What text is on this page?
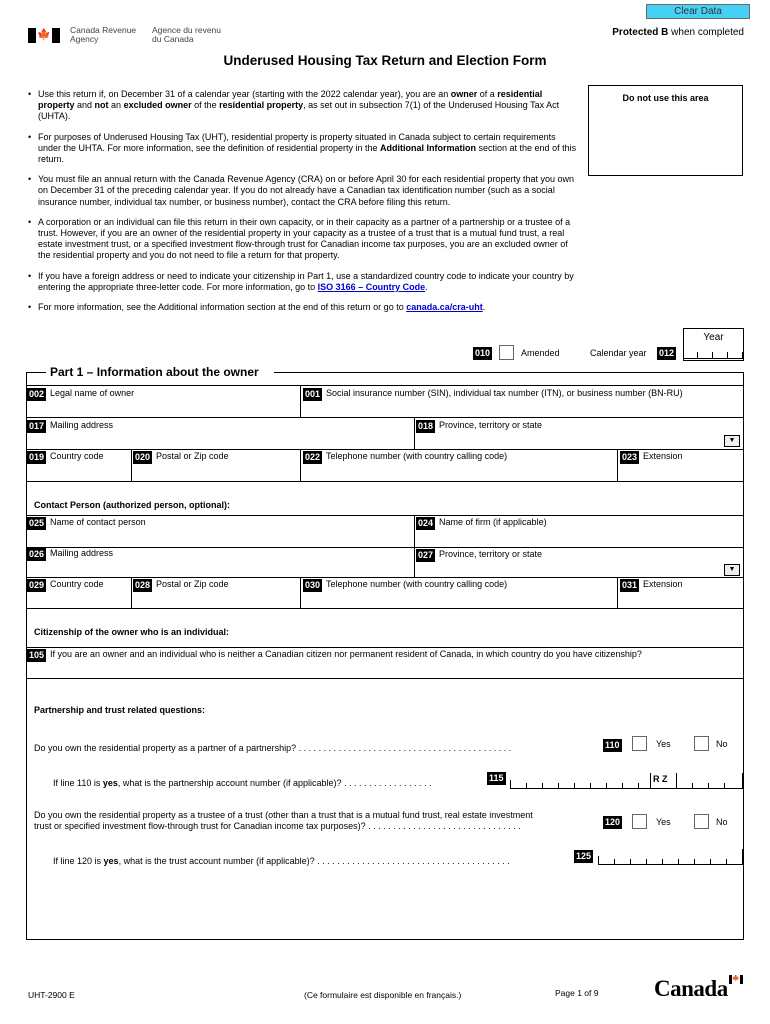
Clear Data
🍁 Canada Revenue
Agency
Agence du revenu
du Canada
Protected B when completed
Underused Housing Tax Return and Election Form
• Use this return if, on December 31 of a calendar year (starting with the 2022 calendar year), you are an owner of a residential property and not an excluded owner of the residential property, as set out in subsection 7(1) of the Underused Housing Tax Act (UHTA).
• For purposes of Underused Housing Tax (UHT), residential property is property situated in Canada subject to certain requirements under the UHTA. For more information, see the definition of residential property in the Additional Information section at the end of this return.
• You must file an annual return with the Canada Revenue Agency (CRA) on or before April 30 for each residential property that you own on December 31 of the preceding calendar year. If you do not already have a Canadian tax identification number (such as a social insurance number, individual tax number, or business number), contact the CRA before filing this return.
• A corporation or an individual can file this return in their own capacity, or in their capacity as a partner of a partnership or a trustee of a trust. However, if you are an owner of the residential property in your capacity as a trustee of a trust that is a mutual fund trust, a real estate investment trust, or a specified investment flow-through trust for Canadian income tax purposes, you are an excluded owner of the residential property and you do not need to file a return for that property.
• If you have a foreign address or need to indicate your citizenship in Part 1, use a standardized country code to indicate your country by entering the appropriate three-letter code. For more information, go to ISO 3166 – Country Code.
• For more information, see the Additional information section at the end of this return or go to canada.ca/cra-uht.
Do not use this area
Year
010	Amended	Calendar year 012
Part 1 – Information about the owner
002 Legal name of owner	001 Social insurance number (SIN), individual tax number (ITN), or business number (BN-RU)
017 Mailing address	018 Province, territory or state
▼
019 Country code	020 Postal or Zip code	022 Telephone number (with country calling code)	023 Extension
Contact Person (authorized person, optional):
025 Name of contact person	024 Name of firm (if applicable)
026 Mailing address	027 Province, territory or state
▼
029 Country code	028 Postal or Zip code	030 Telephone number (with country calling code)	031 Extension
Citizenship of the owner who is an individual:
105 If you are an owner and an individual who is neither a Canadian citizen nor permanent resident of Canada, in which country do you have citizenship?
Partnership and trust related questions:
Do you own the residential property as a partner of a partnership? . . . . . . . . . . . . . . . . . . . . . . . . . . . . . . . . . . . . . . . . . . .	110	Yes	No
If line 110 is yes, what is the partnership account number (if applicable)? . . . . . . . . . . . . . . . . . .	115	R Z
Do you own the residential property as a trustee of a trust (other than a trust that is a mutual fund trust, real estate investment
trust or specified investment flow-through trust for Canadian income tax purposes)? . . . . . . . . . . . . . . . . . . . . . . . . . . . . . . .	120	Yes	No
If line 120 is yes, what is the trust account number (if applicable)? . . . . . . . . . . . . . . . . . . . . . . . . . . . . . . . . . . . . . . .	125
UHT-2900 E	(Ce formulaire est disponible en français.)	Page 1 of 9 Canada 🍁
